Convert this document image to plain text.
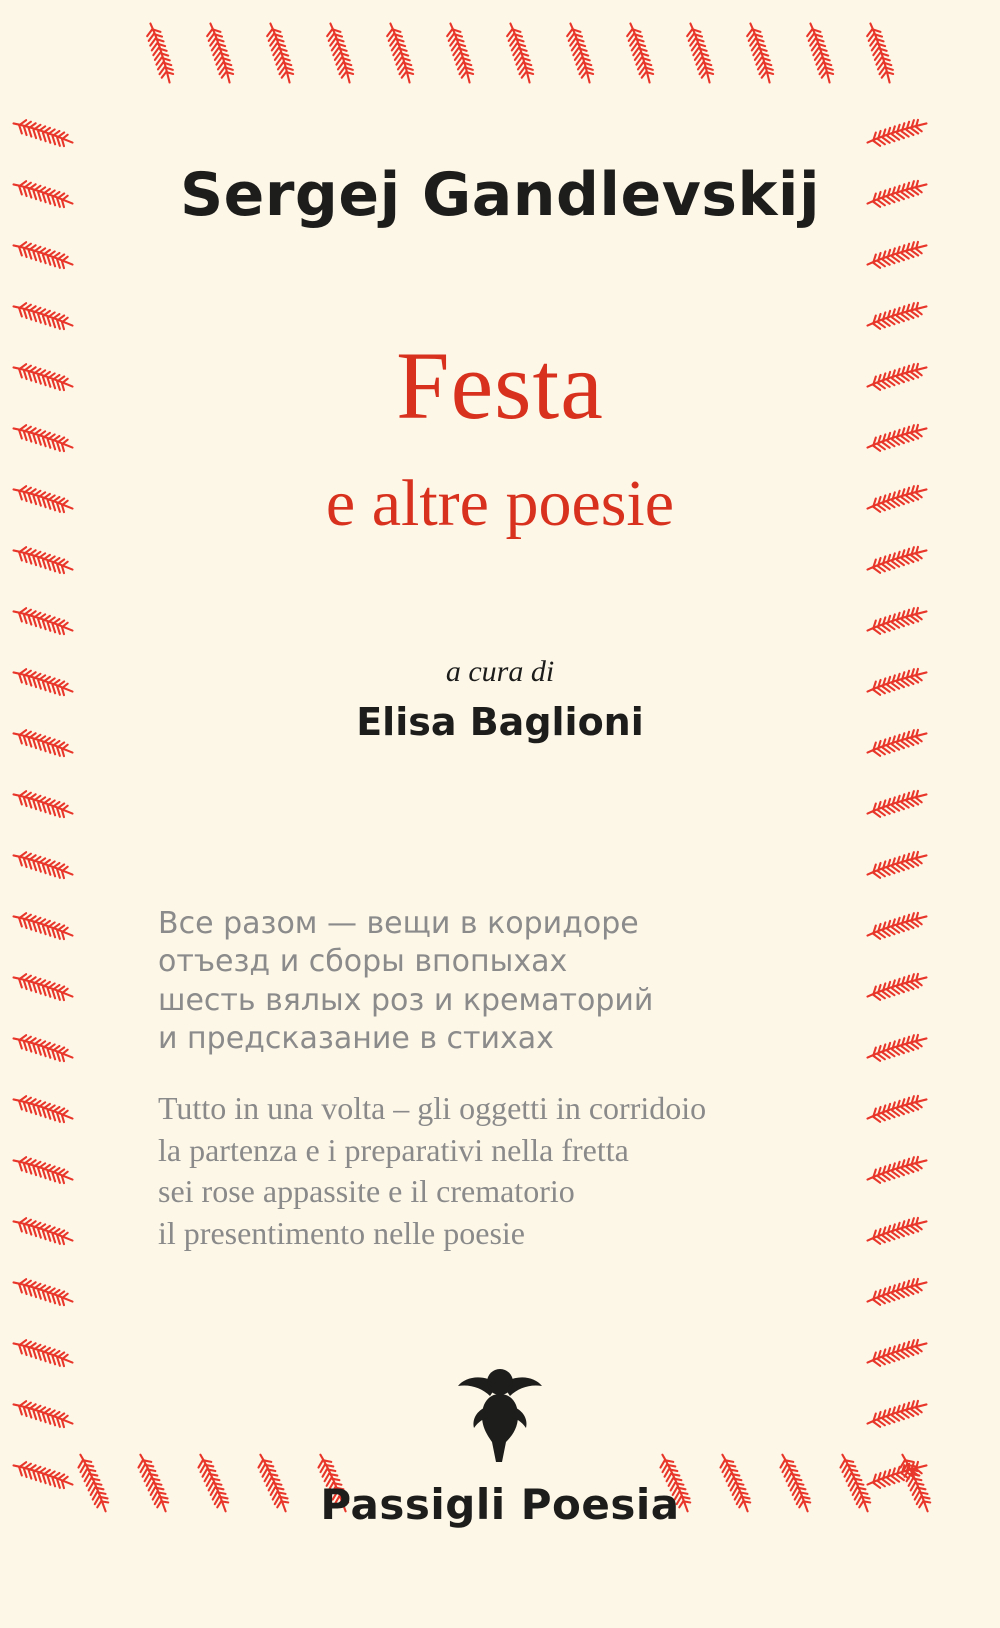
Sergej Gandlevskij
Festa
e altre poesie
a cura di
Elisa Baglioni
Все разом — вещи в коридоре
отъезд и сборы впопыхах
шесть вялых роз и крематорий
и предсказание в стихах
Tutto in una volta – gli oggetti in corridoio
la partenza e i preparativi nella fretta
sei rose appassite e il crematorio
il presentimento nelle poesie
Passigli Poesia
